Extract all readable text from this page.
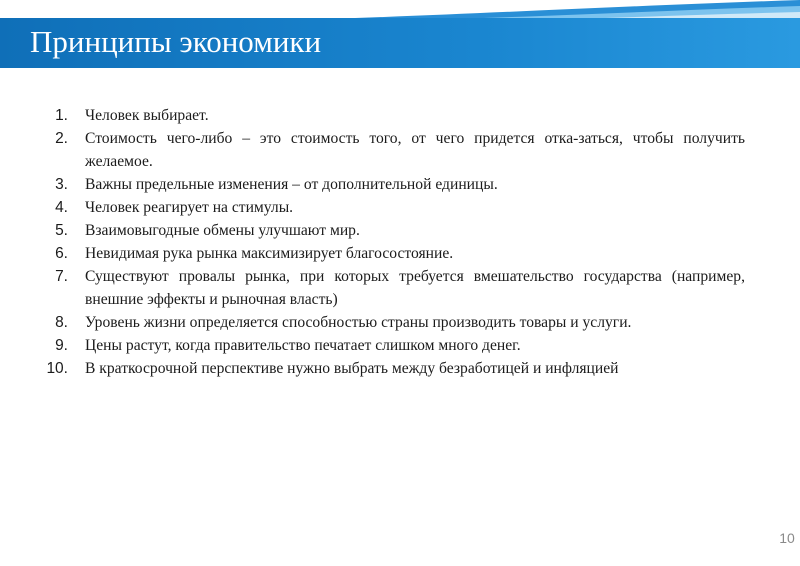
Принципы экономики
1. Человек выбирает.
2. Стоимость чего-либо – это стоимость того, от чего придется отка-заться, чтобы получить желаемое.
3. Важны предельные изменения – от дополнительной единицы.
4. Человек реагирует на стимулы.
5. Взаимовыгодные обмены улучшают мир.
6. Невидимая рука рынка максимизирует благосостояние.
7. Существуют провалы рынка, при которых требуется вмешательство государства (например, внешние эффекты и рыночная власть)
8. Уровень жизни определяется способностью страны производить товары и услуги.
9. Цены растут, когда правительство печатает слишком много денег.
10. В краткосрочной перспективе нужно выбрать между безработицей и инфляцией
10
